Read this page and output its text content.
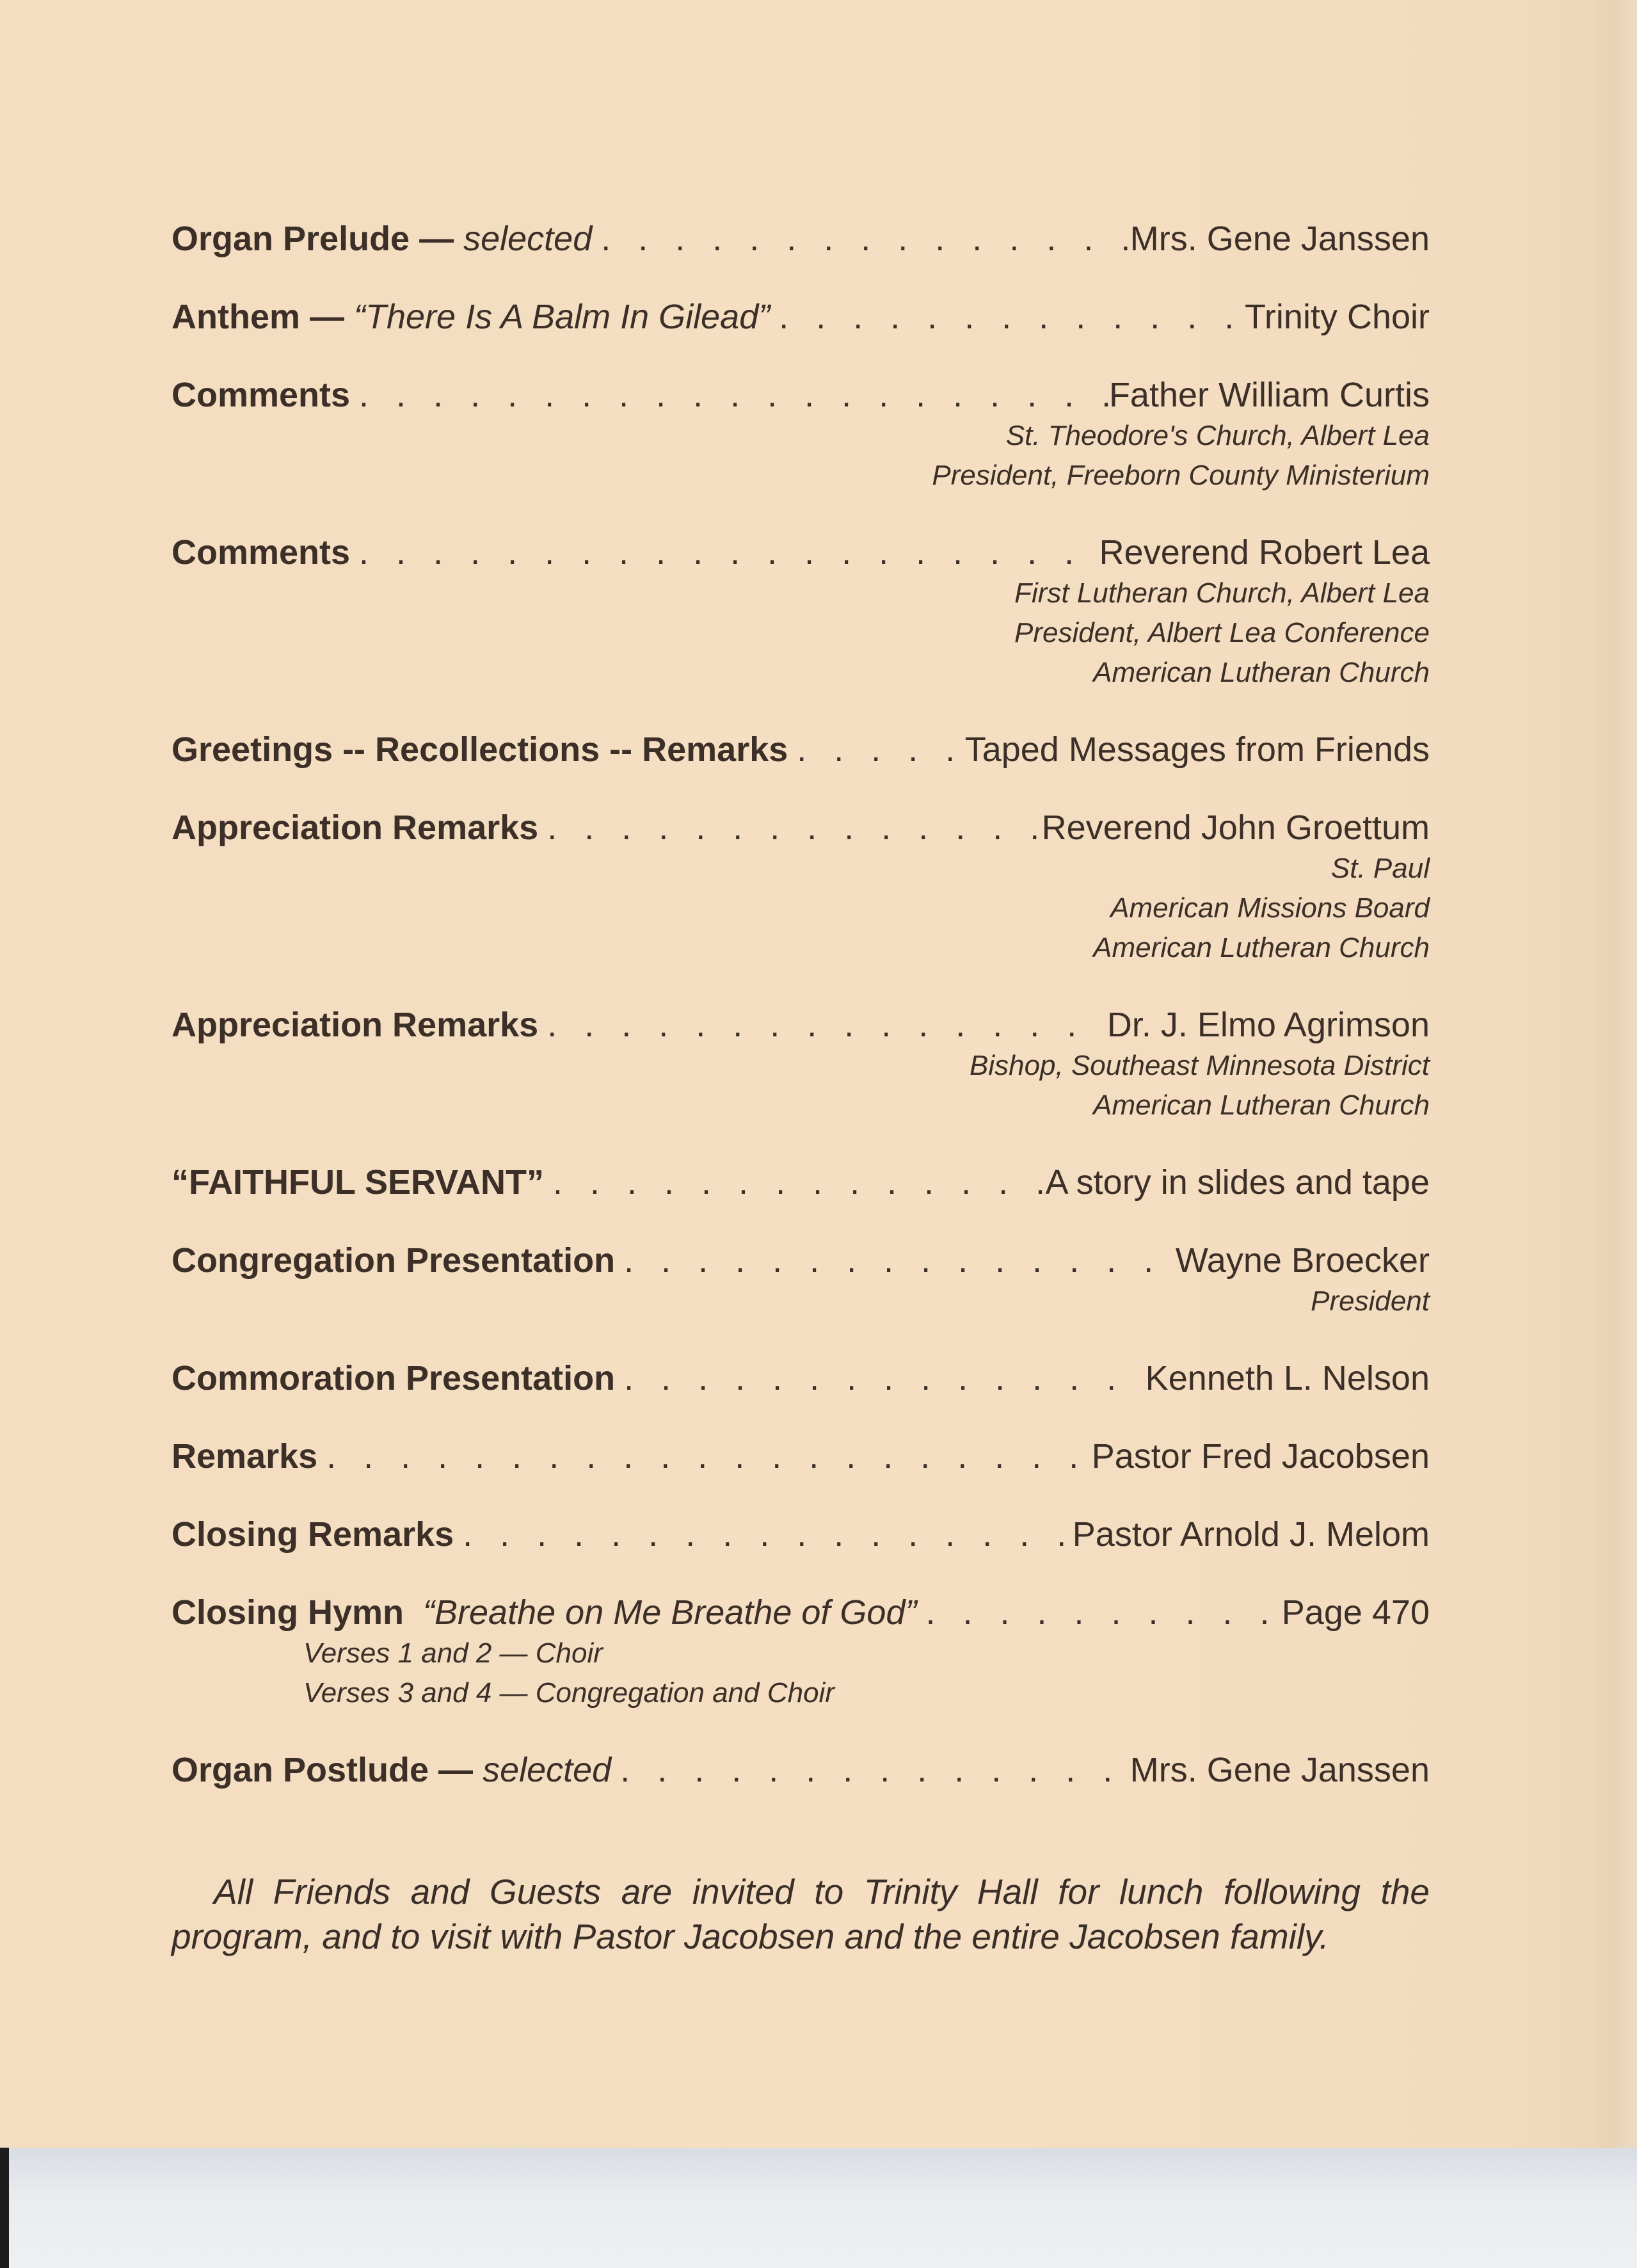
Organ Prelude — selected . . .	Mrs. Gene Janssen
Anthem — “There Is A Balm In Gilead” . . .	Trinity Choir
Comments . . .	Father William Curtis
St. Theodore's Church, Albert Lea
President, Freeborn County Ministerium
Comments . . .	Reverend Robert Lea
First Lutheran Church, Albert Lea
President, Albert Lea Conference
American Lutheran Church
Greetings -- Recollections -- Remarks . . .	Taped Messages from Friends
Appreciation Remarks . . .	Reverend John Groettum
St. Paul
American Missions Board
American Lutheran Church
Appreciation Remarks . . .	Dr. J. Elmo Agrimson
Bishop, Southeast Minnesota District
American Lutheran Church
“FAITHFUL SERVANT” . . .	A story in slides and tape
Congregation Presentation . . .	Wayne Broecker
President
Commoration Presentation . . .	Kenneth L. Nelson
Remarks . . .	Pastor Fred Jacobsen
Closing Remarks . . .	Pastor Arnold J. Melom
Closing Hymn “Breathe on Me Breathe of God” . . .	Page 470
Verses 1 and 2 — Choir
Verses 3 and 4 — Congregation and Choir
Organ Postlude — selected . . .	Mrs. Gene Janssen
All Friends and Guests are invited to Trinity Hall for lunch following the program, and to visit with Pastor Jacobsen and the entire Jacobsen family.
